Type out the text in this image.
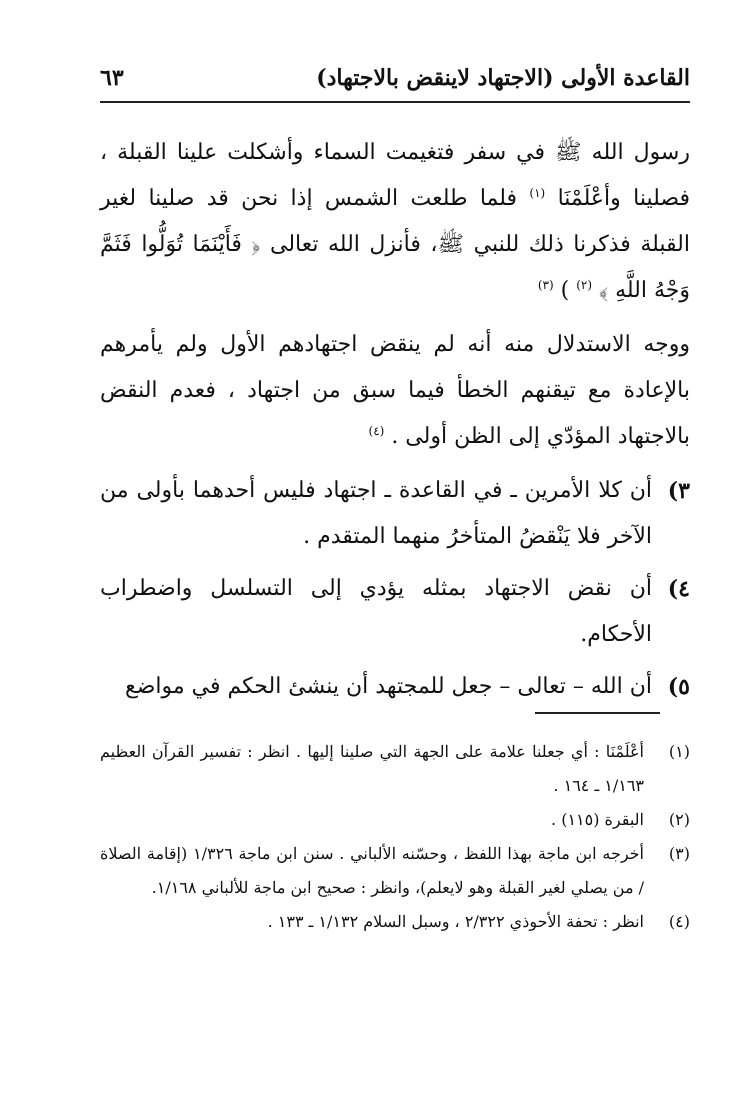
القاعدة الأولى (الاجتهاد لاينقض بالاجتهاد)
٦٣

رسول الله ﷺ في سفر فتغيمت السماء وأشكلت علينا القبلة ، فصلينا وأعْلَمْنَا $^{(١)}$ فلما طلعت الشمس إذا نحن قد صلينا لغير القبلة فذكرنا ذلك للنبي ﷺ، فأنزل الله تعالى ﴿ فَأَيْنَمَا تُوَلُّوا فَثَمَّ وَجْهُ اللَّهِ ﴾ $^{(٢)}$ ) $^{(٣)}$

ووجه الاستدلال منه أنه لم ينقض اجتهادهم الأول ولم يأمرهم بالإعادة مع تيقنهم الخطأ فيما سبق من اجتهاد ، فعدم النقض بالاجتهاد المؤدّي إلى الظن أولى . $^{(٤)}$

٣)
أن كلا الأمرين ـ في القاعدة ـ اجتهاد فليس أحدهما بأولى من الآخر فلا يَنْقضُ المتأخرُ منهما المتقدم .
٤)
أن نقض الاجتهاد بمثله يؤدي إلى التسلسل واضطراب الأحكام.
٥)
أن الله – تعالى – جعل للمجتهد أن ينشئ الحكم في مواضع
(١)
أعْلَمْنَا : أي جعلنا علامة على الجهة التي صلينا إليها . انظر : تفسير القرآن العظيم ١/١٦٣ ـ ١٦٤ .
(٢)
البقرة (١١٥) .
(٣)
أخرجه ابن ماجة بهذا اللفظ ، وحسّنه الألباني . سنن ابن ماجة ١/٣٢٦ (إقامة الصلاة / من يصلي لغير القبلة وهو لايعلم)، وانظر : صحيح ابن ماجة للألباني ١/١٦٨.
(٤)
انظر : تحفة الأحوذي ٢/٣٢٢ ، وسبل السلام ١/١٣٢ ـ ١٣٣ .
